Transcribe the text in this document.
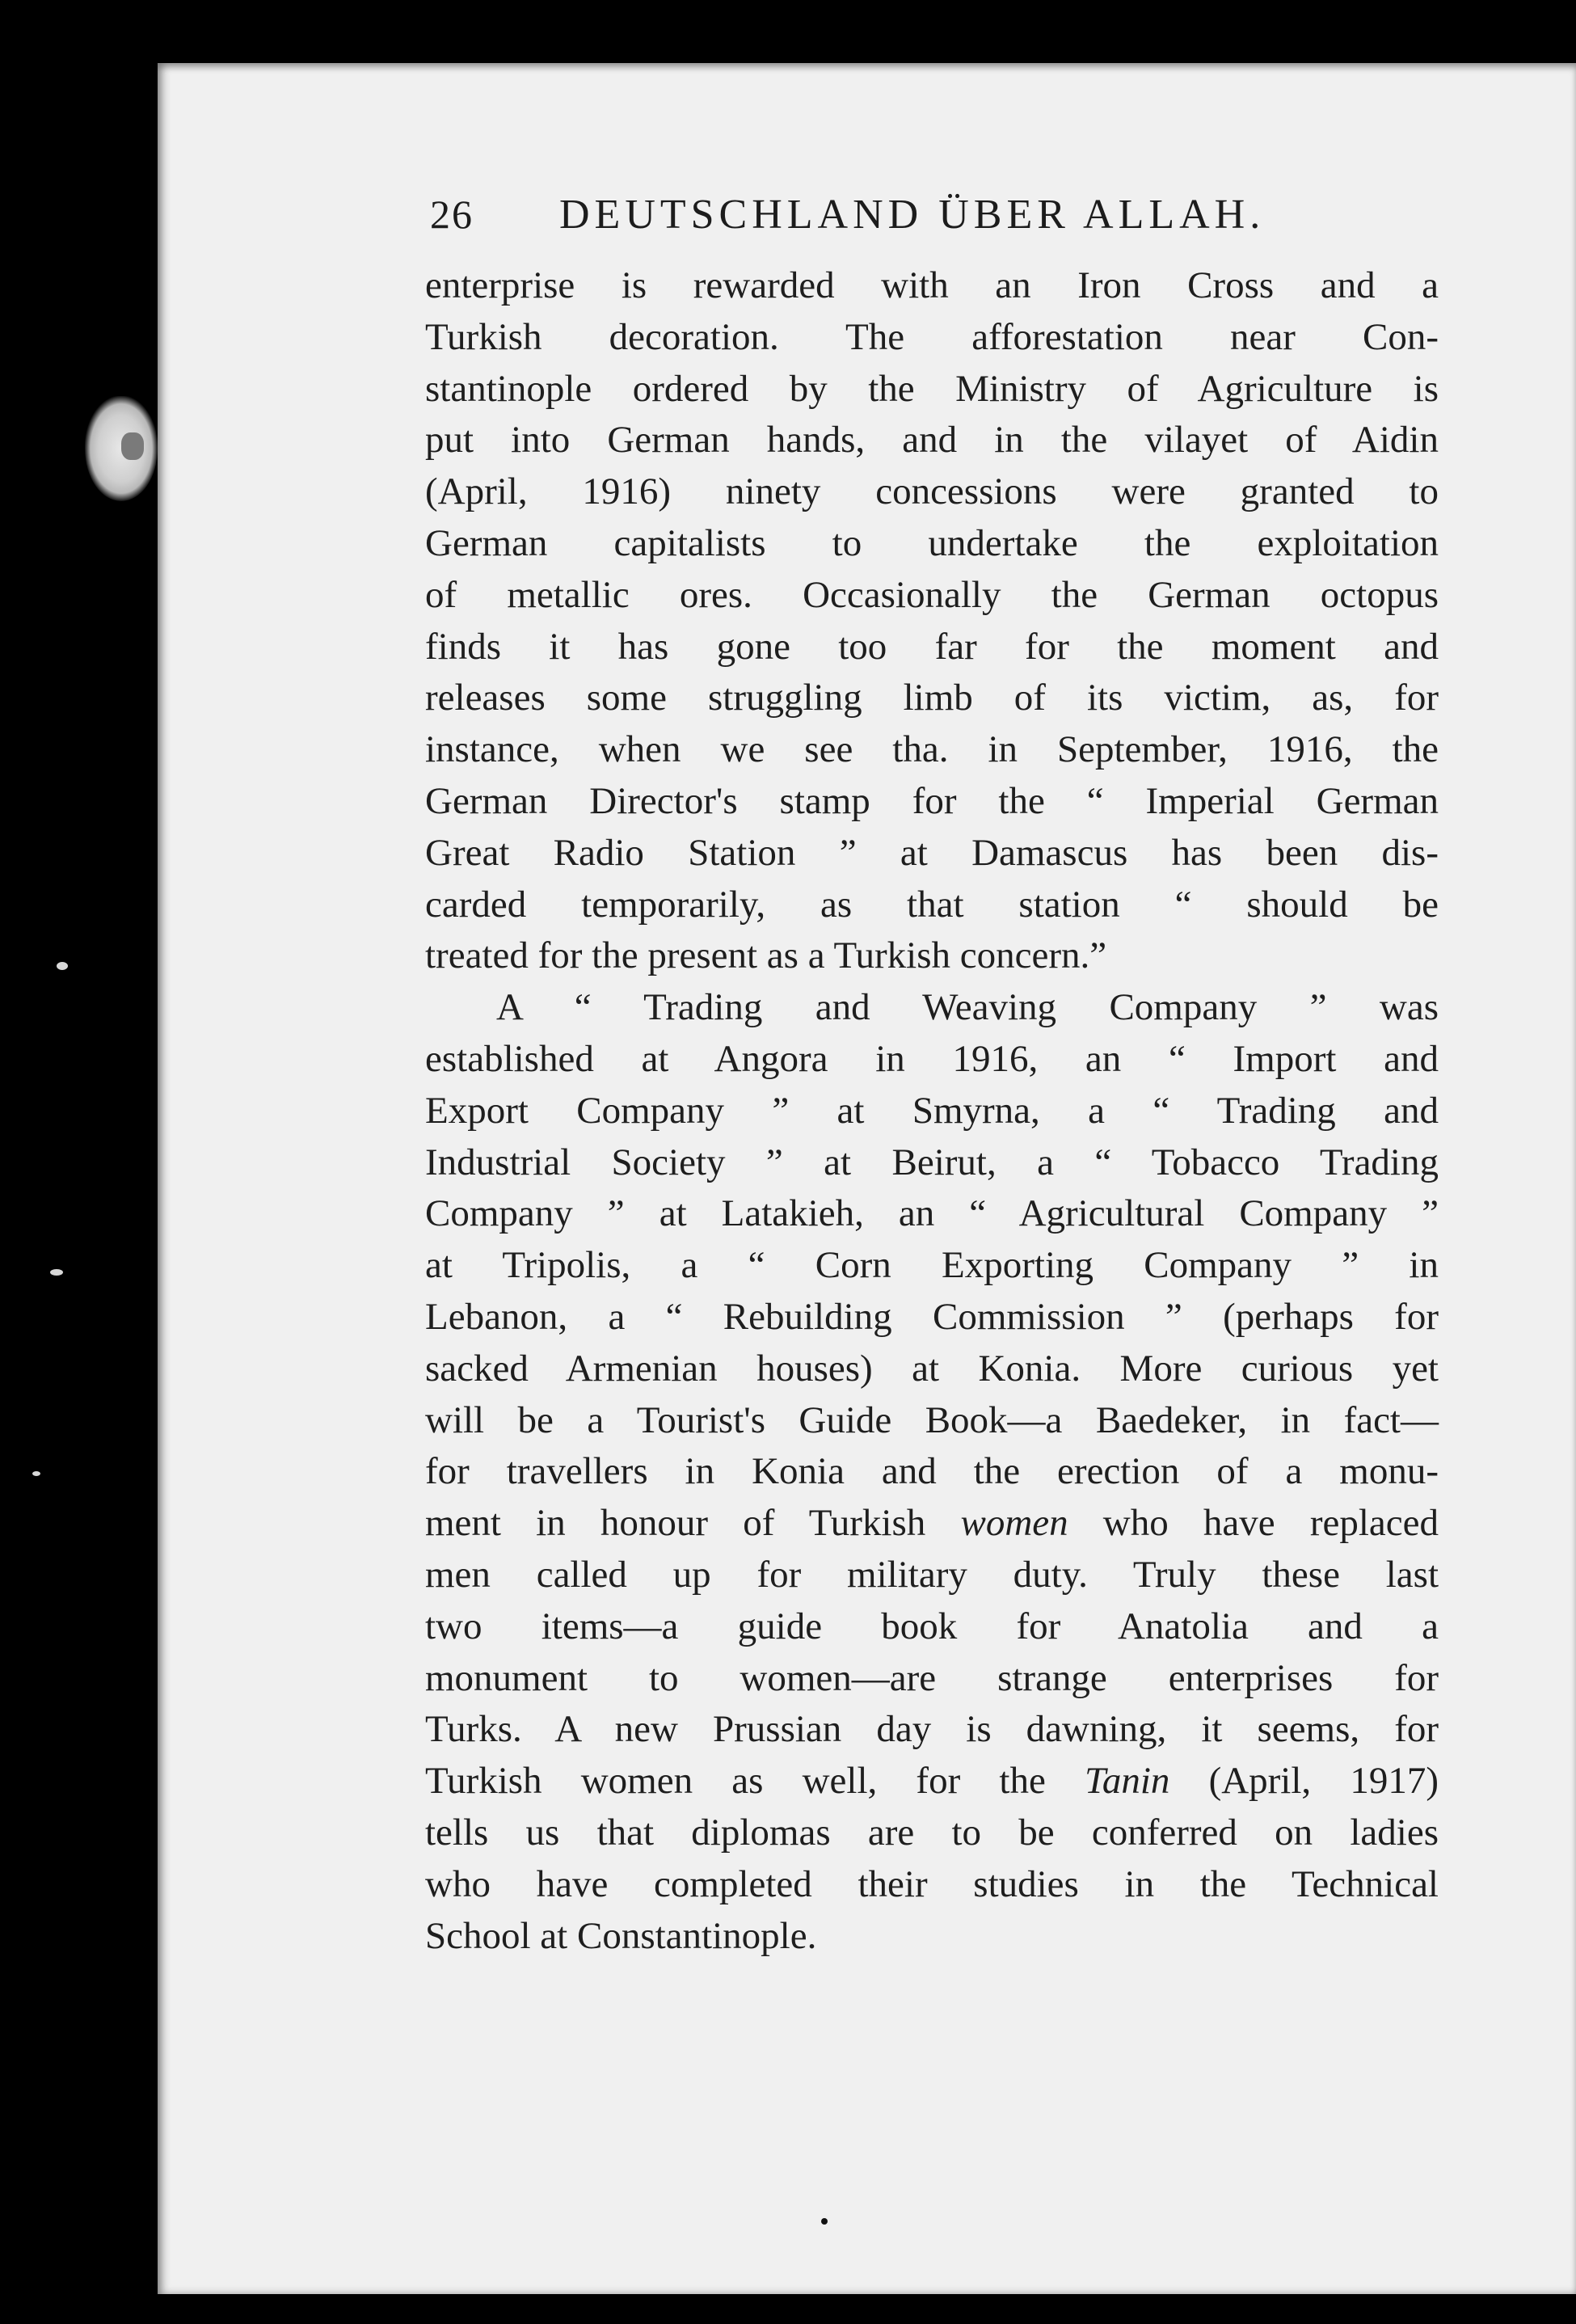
26 DEUTSCHLAND ÜBER ALLAH.
enterprise is rewarded with an Iron Cross and a
Turkish decoration. The afforestation near Con-
stantinople ordered by the Ministry of Agriculture is
put into German hands, and in the vilayet of Aidin
(April, 1916) ninety concessions were granted to
German capitalists to undertake the exploitation
of metallic ores. Occasionally the German octopus
finds it has gone too far for the moment and
releases some struggling limb of its victim, as, for
instance, when we see tha. in September, 1916, the
German Director's stamp for the “ Imperial German
Great Radio Station ” at Damascus has been dis-
carded temporarily, as that station “ should be
treated for the present as a Turkish concern.”
A “ Trading and Weaving Company ” was
established at Angora in 1916, an “ Import and
Export Company ” at Smyrna, a “ Trading and
Industrial Society ” at Beirut, a “ Tobacco Trading
Company ” at Latakieh, an “ Agricultural Company ”
at Tripolis, a “ Corn Exporting Company ” in
Lebanon, a “ Rebuilding Commission ” (perhaps for
sacked Armenian houses) at Konia. More curious yet
will be a Tourist's Guide Book—a Baedeker, in fact—
for travellers in Konia and the erection of a monu-
ment in honour of Turkish women who have replaced
men called up for military duty. Truly these last
two items—a guide book for Anatolia and a
monument to women—are strange enterprises for
Turks. A new Prussian day is dawning, it seems, for
Turkish women as well, for the Tanin (April, 1917)
tells us that diplomas are to be conferred on ladies
who have completed their studies in the Technical
School at Constantinople.
